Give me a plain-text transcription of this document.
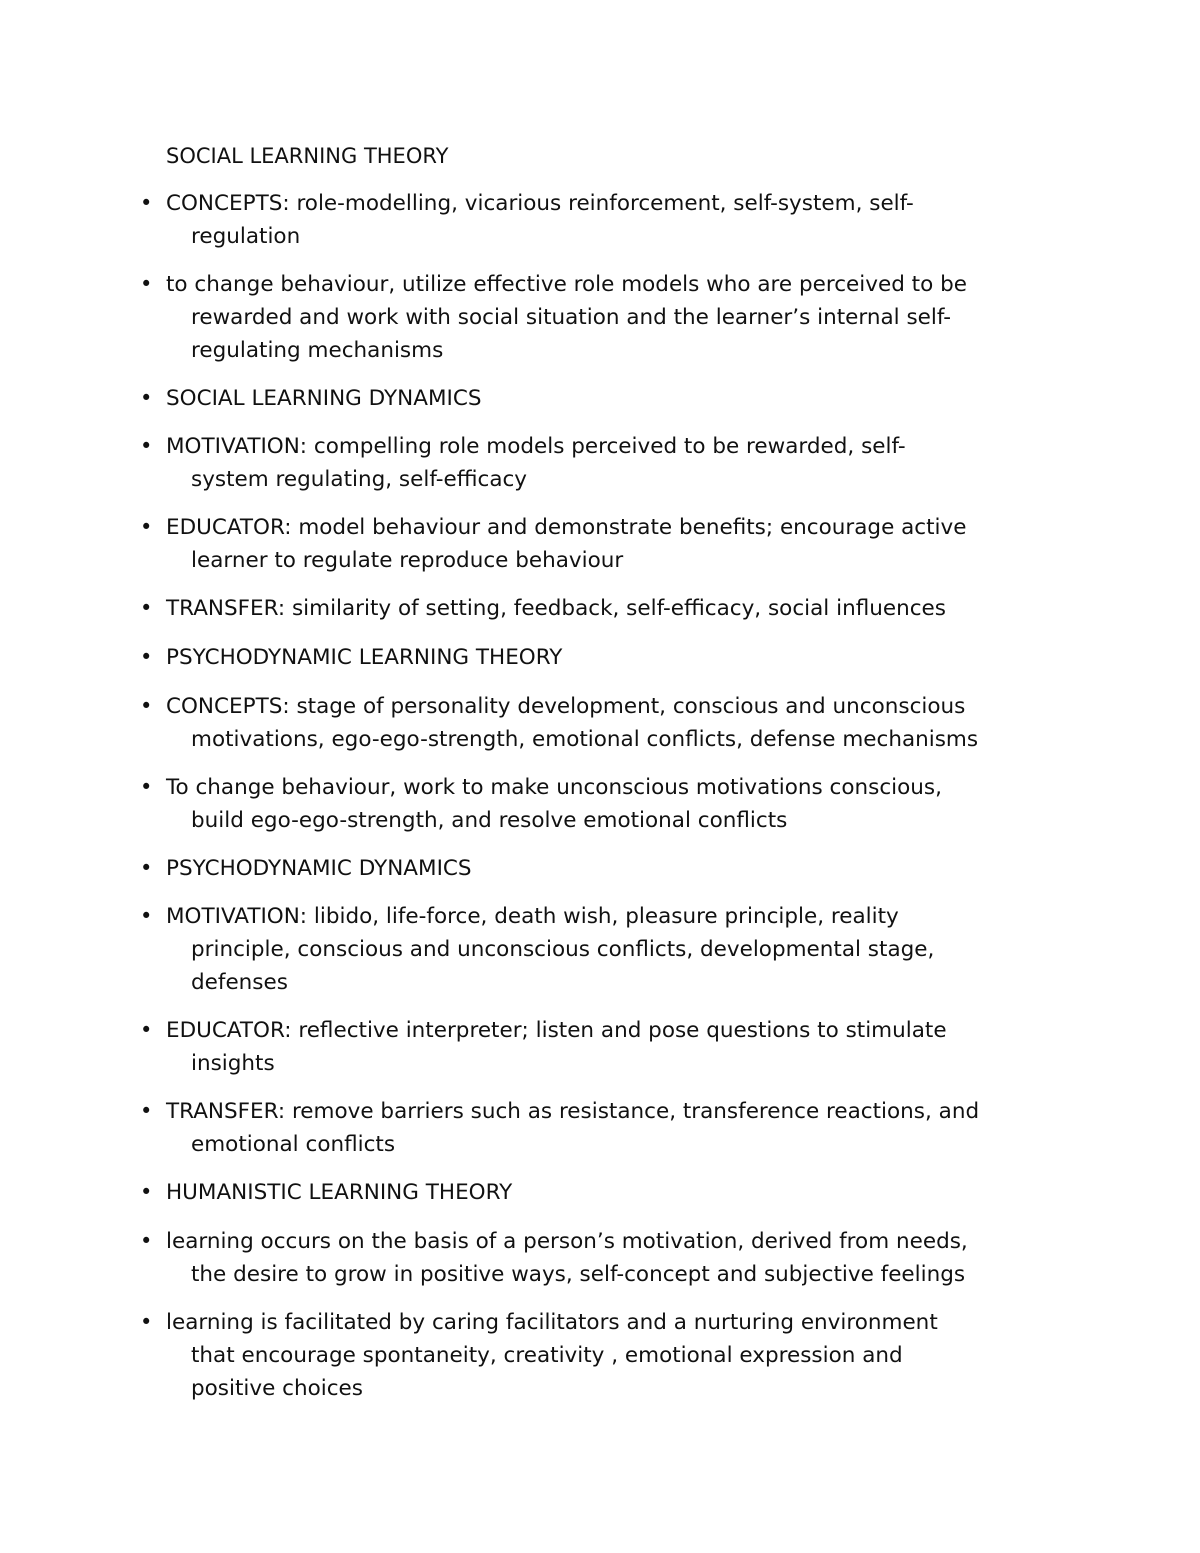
SOCIAL LEARNING THEORY
• CONCEPTS: role-modelling, vicarious reinforcement, self-system, self-
regulation
• to change behaviour, utilize effective role models who are perceived to be
rewarded and work with social situation and the learner’s internal self-
regulating mechanisms
• SOCIAL LEARNING DYNAMICS
• MOTIVATION: compelling role models perceived to be rewarded, self-
system regulating, self-efficacy
• EDUCATOR: model behaviour and demonstrate benefits; encourage active
learner to regulate reproduce behaviour
• TRANSFER: similarity of setting, feedback, self-efficacy, social influences
• PSYCHODYNAMIC LEARNING THEORY
• CONCEPTS: stage of personality development, conscious and unconscious
motivations, ego-ego-strength, emotional conflicts, defense mechanisms
• To change behaviour, work to make unconscious motivations conscious,
build ego-ego-strength, and resolve emotional conflicts
• PSYCHODYNAMIC DYNAMICS
• MOTIVATION: libido, life-force, death wish, pleasure principle, reality
principle, conscious and unconscious conflicts, developmental stage,
defenses
• EDUCATOR: reflective interpreter; listen and pose questions to stimulate
insights
• TRANSFER: remove barriers such as resistance, transference reactions, and
emotional conflicts
• HUMANISTIC LEARNING THEORY
• learning occurs on the basis of a person’s motivation, derived from needs,
the desire to grow in positive ways, self-concept and subjective feelings
• learning is facilitated by caring facilitators and a nurturing environment
that encourage spontaneity, creativity , emotional expression and
positive choices
